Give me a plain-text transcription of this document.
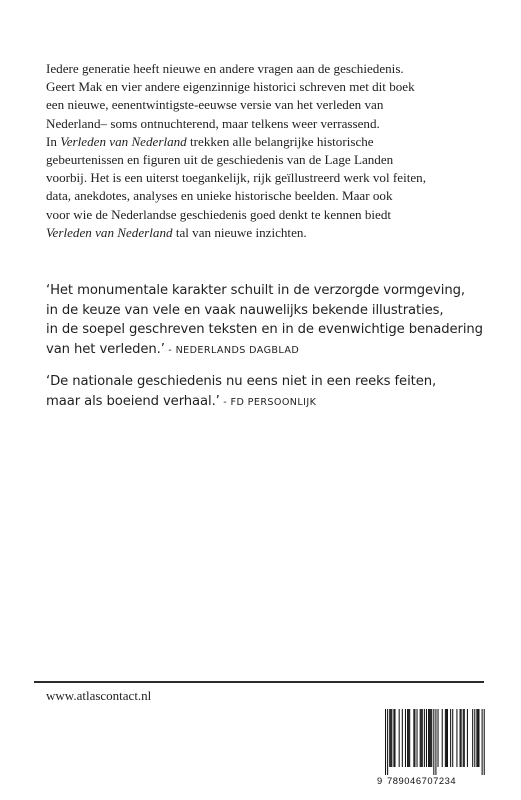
Iedere generatie heeft nieuwe en andere vragen aan de geschiedenis.
Geert Mak en vier andere eigenzinnige historici schreven met dit boek
een nieuwe, eenentwintigste-eeuwse versie van het verleden van
Nederland– soms ontnuchterend, maar telkens weer verrassend.
In Verleden van Nederland trekken alle belangrijke historische
gebeurtenissen en figuren uit de geschiedenis van de Lage Landen
voorbij. Het is een uiterst toegankelijk, rijk geïllustreerd werk vol feiten,
data, anekdotes, analyses en unieke historische beelden. Maar ook
voor wie de Nederlandse geschiedenis goed denkt te kennen biedt
Verleden van Nederland tal van nieuwe inzichten.
‘Het monumentale karakter schuilt in de verzorgde vormgeving,
in de keuze van vele en vaak nauwelijks bekende illustraties,
in de soepel geschreven teksten en in de evenwichtige benadering
van het verleden.’ - NEDERLANDS DAGBLAD
‘De nationale geschiedenis nu eens niet in een reeks feiten,
maar als boeiend verhaal.’ - FD PERSOONLIJK
www.atlascontact.nl
9 789046707234
